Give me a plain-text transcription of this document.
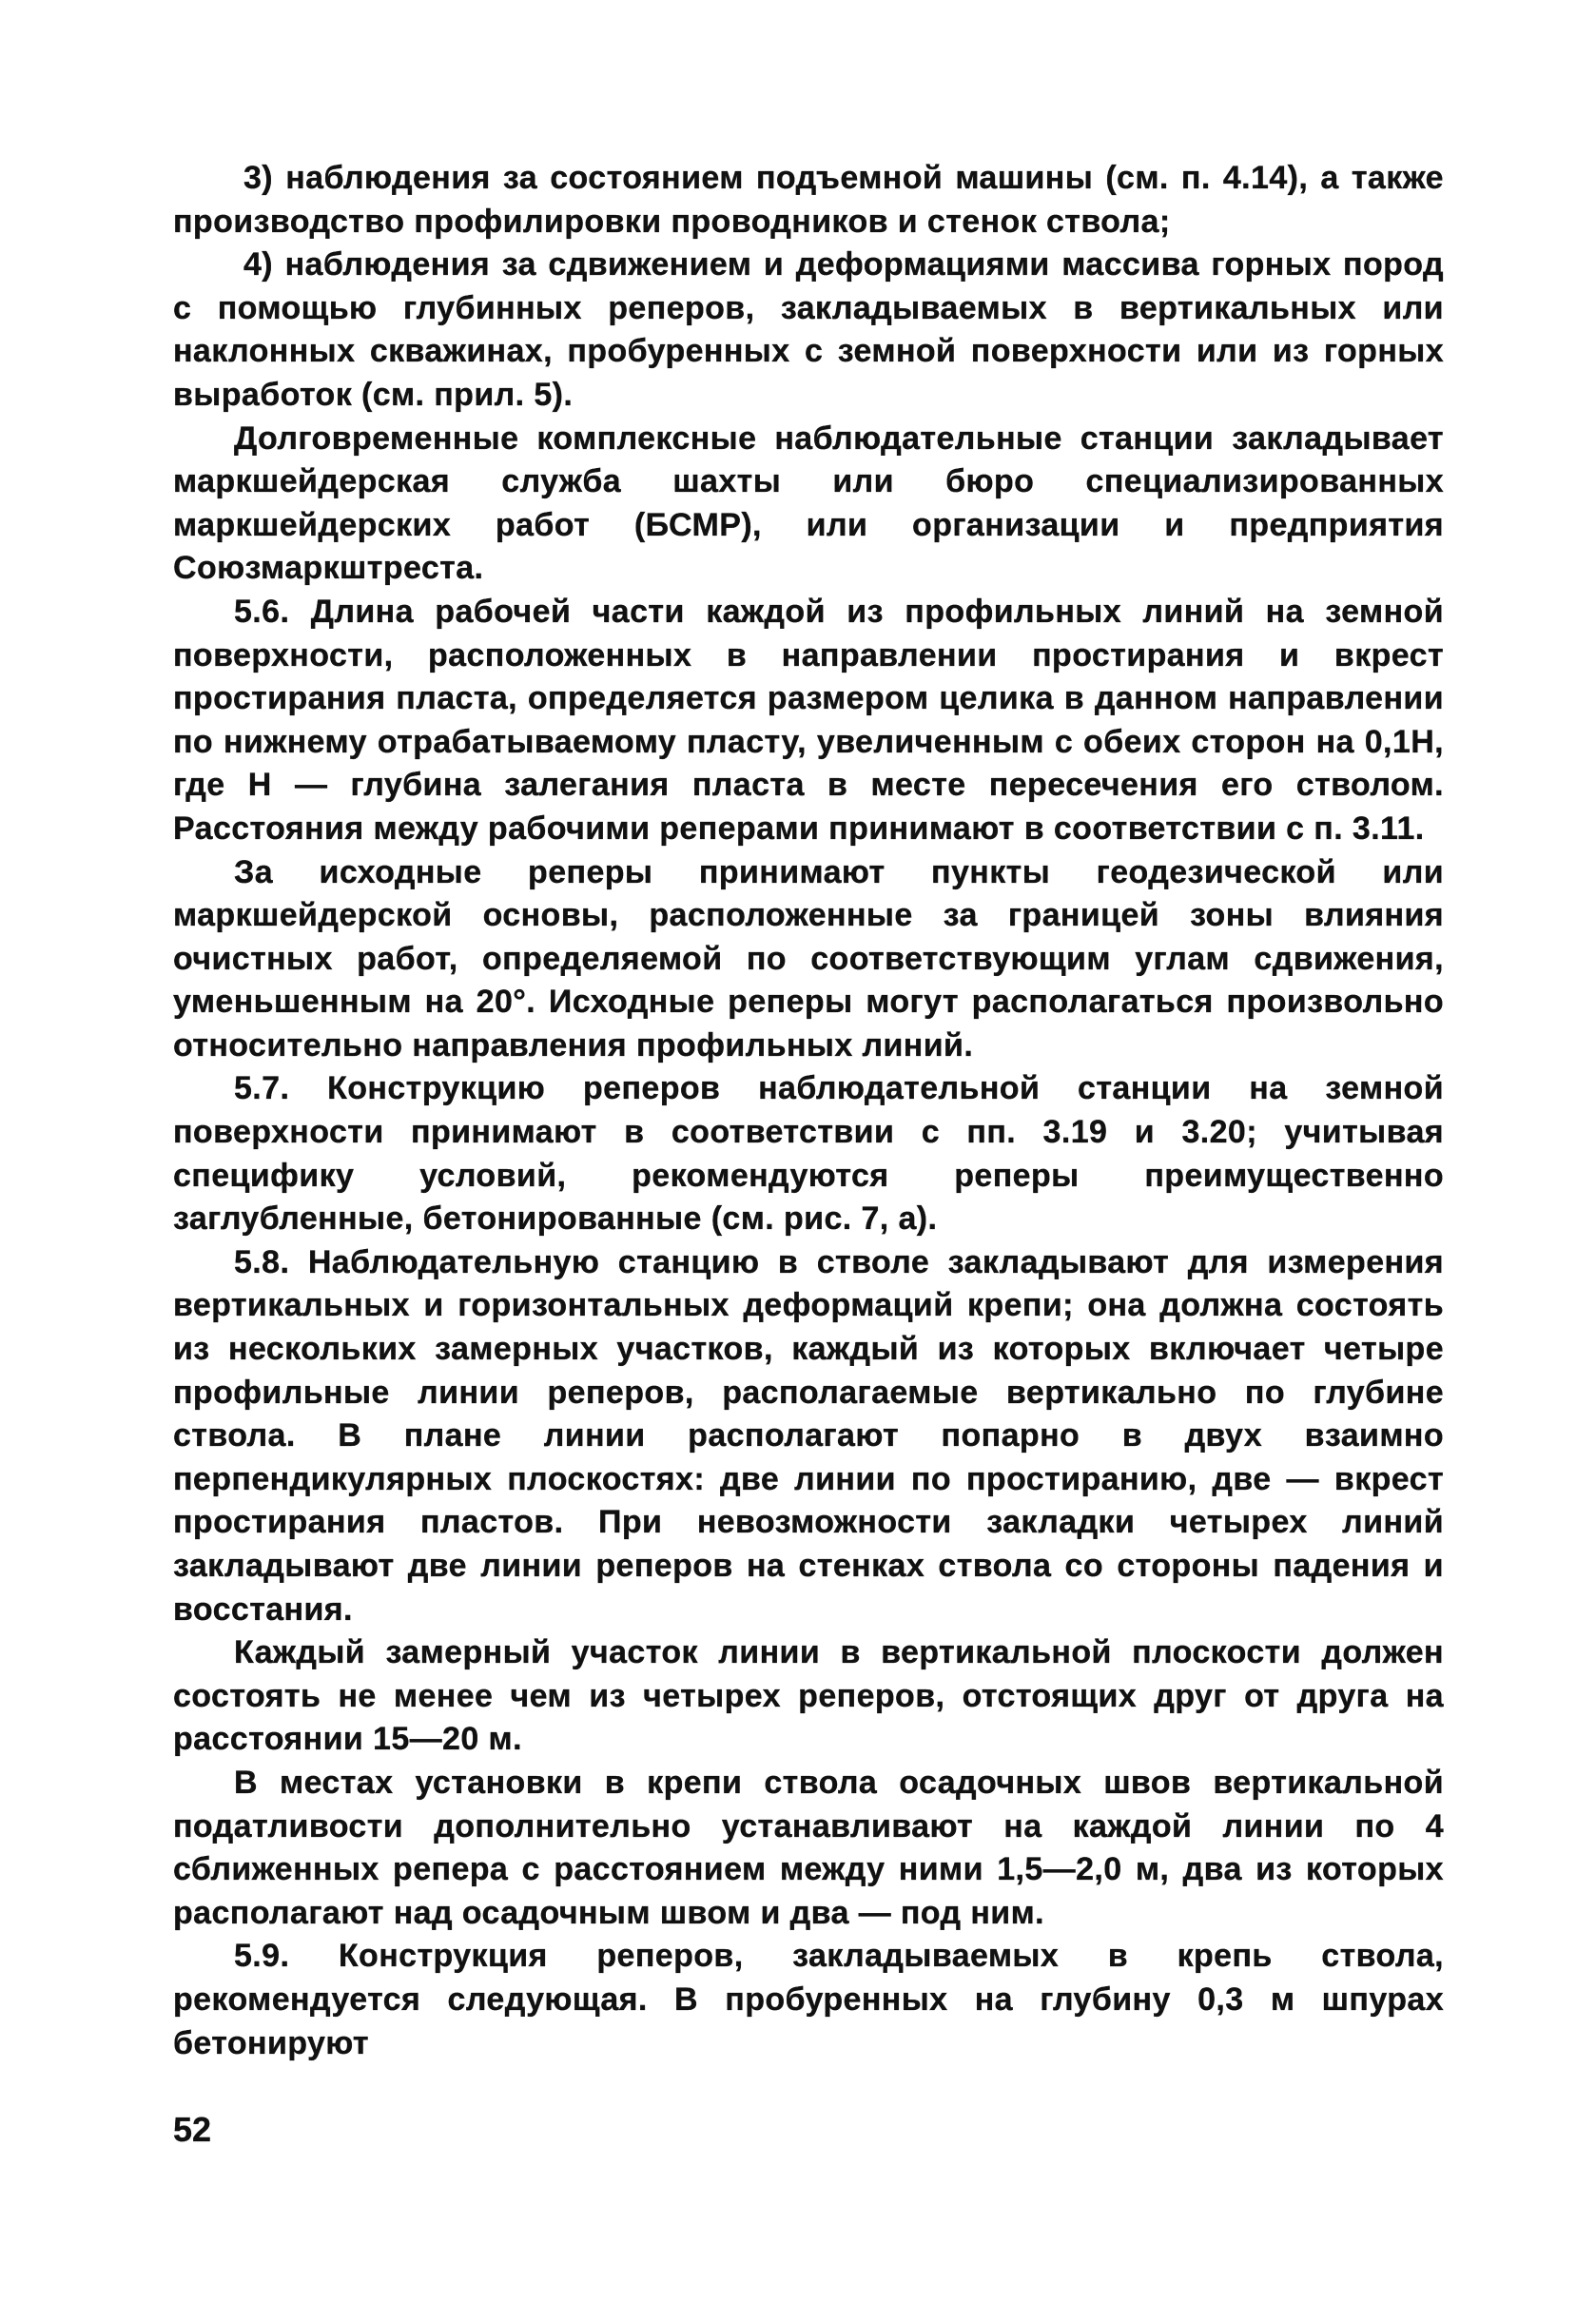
3) наблюдения за состоянием подъемной машины (см. п. 4.14), а также производство профилировки проводников и стенок ствола;

4) наблюдения за сдвижением и деформациями массива горных пород с помощью глубинных реперов, закладываемых в вертикальных или наклонных скважинах, пробуренных с земной поверхности или из горных выработок (см. прил. 5).

Долговременные комплексные наблюдательные станции закладывает маркшейдерская служба шахты или бюро специализированных маркшейдерских работ (БСМР), или организации и предприятия Союзмаркштреста.

5.6. Длина рабочей части каждой из профильных линий на земной поверхности, расположенных в направлении простирания и вкрест простирания пласта, определяется размером целика в данном направлении по нижнему отрабатываемому пласту, увеличенным с обеих сторон на 0,1Н, где Н — глубина залегания пласта в месте пересечения его стволом. Расстояния между рабочими реперами принимают в соответствии с п. 3.11.

За исходные реперы принимают пункты геодезической или маркшейдерской основы, расположенные за границей зоны влияния очистных работ, определяемой по соответствующим углам сдвижения, уменьшенным на 20°. Исходные реперы могут располагаться произвольно относительно направления профильных линий.

5.7. Конструкцию реперов наблюдательной станции на земной поверхности принимают в соответствии с пп. 3.19 и 3.20; учитывая специфику условий, рекомендуются реперы преимущественно заглубленные, бетонированные (см. рис. 7, а).

5.8. Наблюдательную станцию в стволе закладывают для измерения вертикальных и горизонтальных деформаций крепи; она должна состоять из нескольких замерных участков, каждый из которых включает четыре профильные линии реперов, располагаемые вертикально по глубине ствола. В плане линии располагают попарно в двух взаимно перпендикулярных плоскостях: две линии по простиранию, две — вкрест простирания пластов. При невозможности закладки четырех линий закладывают две линии реперов на стенках ствола со стороны падения и восстания.

Каждый замерный участок линии в вертикальной плоскости должен состоять не менее чем из четырех реперов, отстоящих друг от друга на расстоянии 15—20 м.

В местах установки в крепи ствола осадочных швов вертикальной податливости дополнительно устанавливают на каждой линии по 4 сближенных репера с расстоянием между ними 1,5—2,0 м, два из которых располагают над осадочным швом и два — под ним.

5.9. Конструкция реперов, закладываемых в крепь ствола, рекомендуется следующая. В пробуренных на глубину 0,3 м шпурах бетонируют

52
